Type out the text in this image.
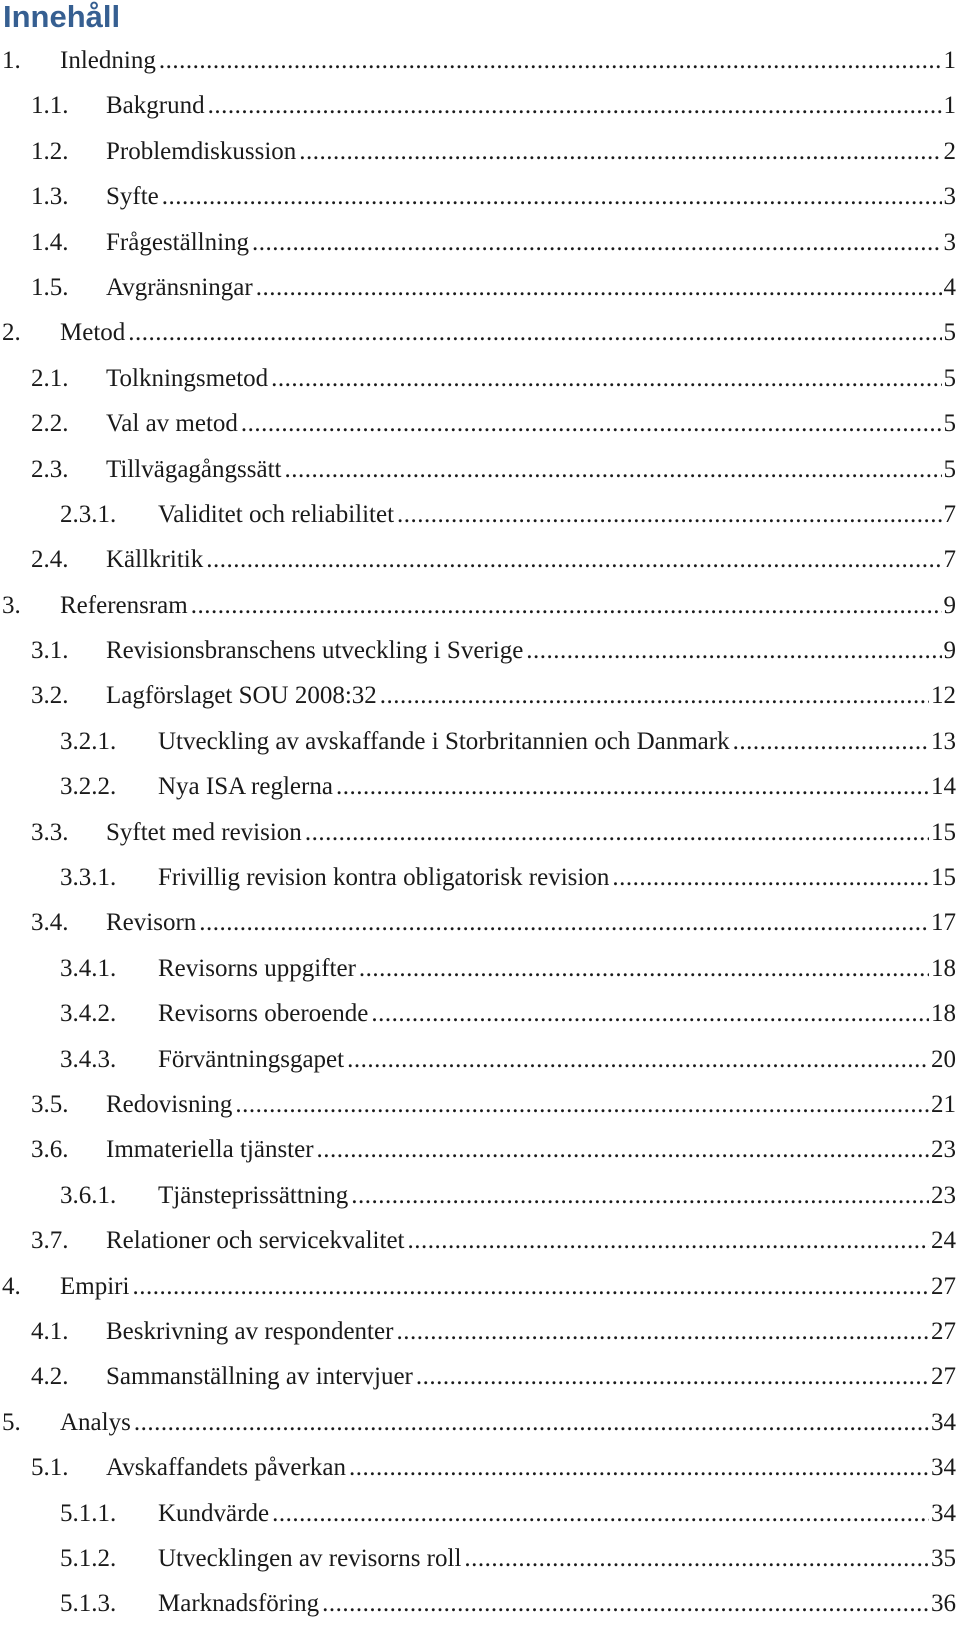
Innehåll
1. Inledning .....	1
1.1. Bakgrund .....	1
1.2. Problemdiskussion .....	2
1.3. Syfte .....	3
1.4. Frågeställning .....	3
1.5. Avgränsningar .....	4
2. Metod .....	5
2.1. Tolkningsmetod .....	5
2.2. Val av metod .....	5
2.3. Tillvägagångssätt .....	5
2.3.1. Validitet och reliabilitet .....	7
2.4. Källkritik .....	7
3. Referensram .....	9
3.1. Revisionsbranschens utveckling i Sverige .....	9
3.2. Lagförslaget SOU 2008:32 .....	12
3.2.1. Utveckling av avskaffande i Storbritannien och Danmark .....	13
3.2.2. Nya ISA reglerna .....	14
3.3. Syftet med revision .....	15
3.3.1. Frivillig revision kontra obligatorisk revision .....	15
3.4. Revisorn .....	17
3.4.1. Revisorns uppgifter .....	18
3.4.2. Revisorns oberoende .....	18
3.4.3. Förväntningsgapet .....	20
3.5. Redovisning .....	21
3.6. Immateriella tjänster .....	23
3.6.1. Tjänsteprissättning .....	23
3.7. Relationer och servicekvalitet .....	24
4. Empiri .....	27
4.1. Beskrivning av respondenter .....	27
4.2. Sammanställning av intervjuer .....	27
5. Analys .....	34
5.1. Avskaffandets påverkan .....	34
5.1.1. Kundvärde .....	34
5.1.2. Utvecklingen av revisorns roll .....	35
5.1.3. Marknadsföring .....	36
